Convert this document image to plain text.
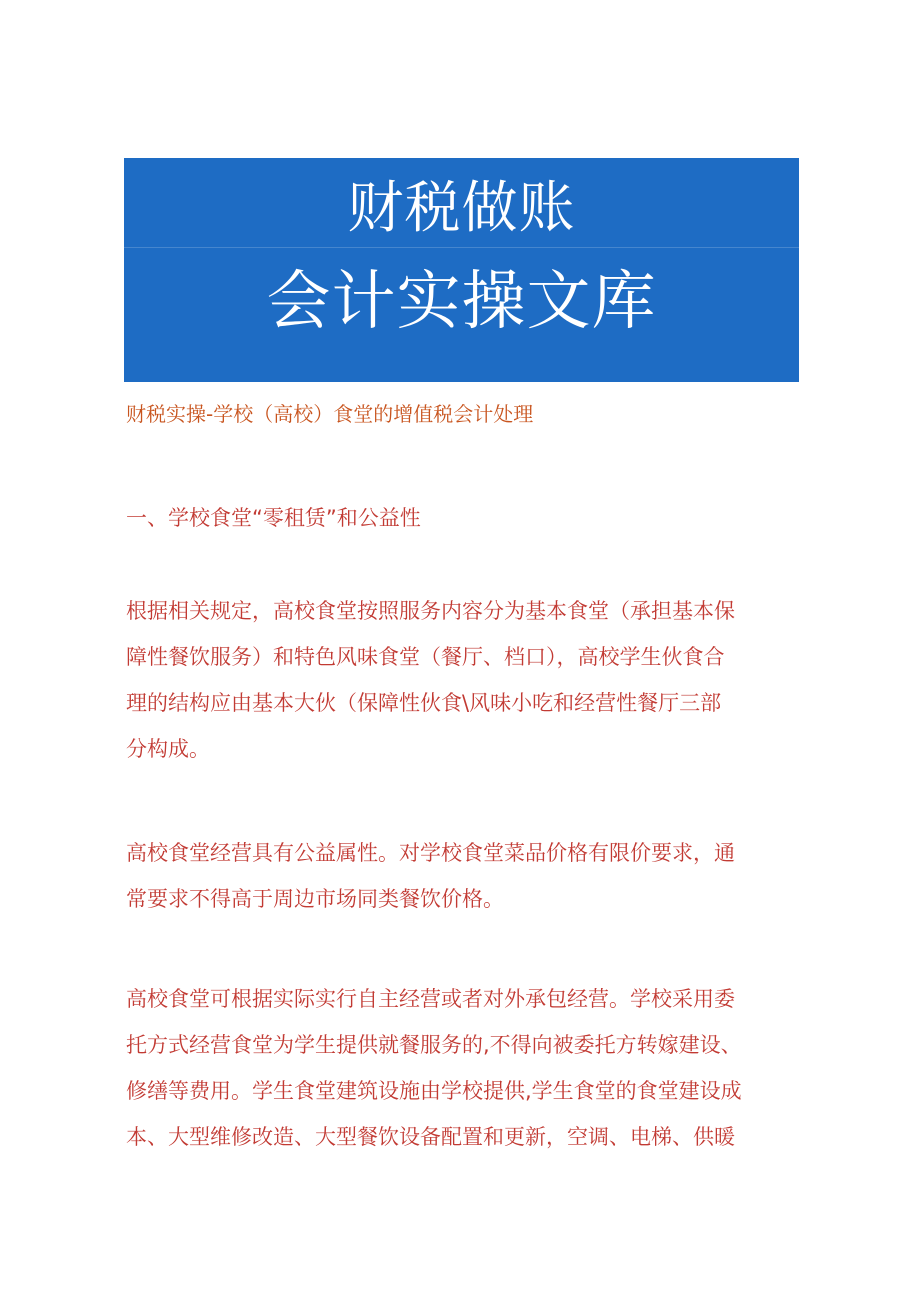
财税做账
会计实操文库
财税实操-学校（高校）食堂的增值税会计处理
一、学校食堂“零租赁”和公益性
根据相关规定，高校食堂按照服务内容分为基本食堂（承担基本保
障性餐饮服务）和特色风味食堂（餐厅、档口），高校学生伙食合
理的结构应由基本大伙（保障性伙食\风味小吃和经营性餐厅三部
分构成。
高校食堂经营具有公益属性。对学校食堂菜品价格有限价要求，通
常要求不得高于周边市场同类餐饮价格。
高校食堂可根据实际实行自主经营或者对外承包经营。学校采用委
托方式经营食堂为学生提供就餐服务的,不得向被委托方转嫁建设、
修缮等费用。学生食堂建筑设施由学校提供,学生食堂的食堂建设成
本、大型维修改造、大型餐饮设备配置和更新，空调、电梯、供暖
